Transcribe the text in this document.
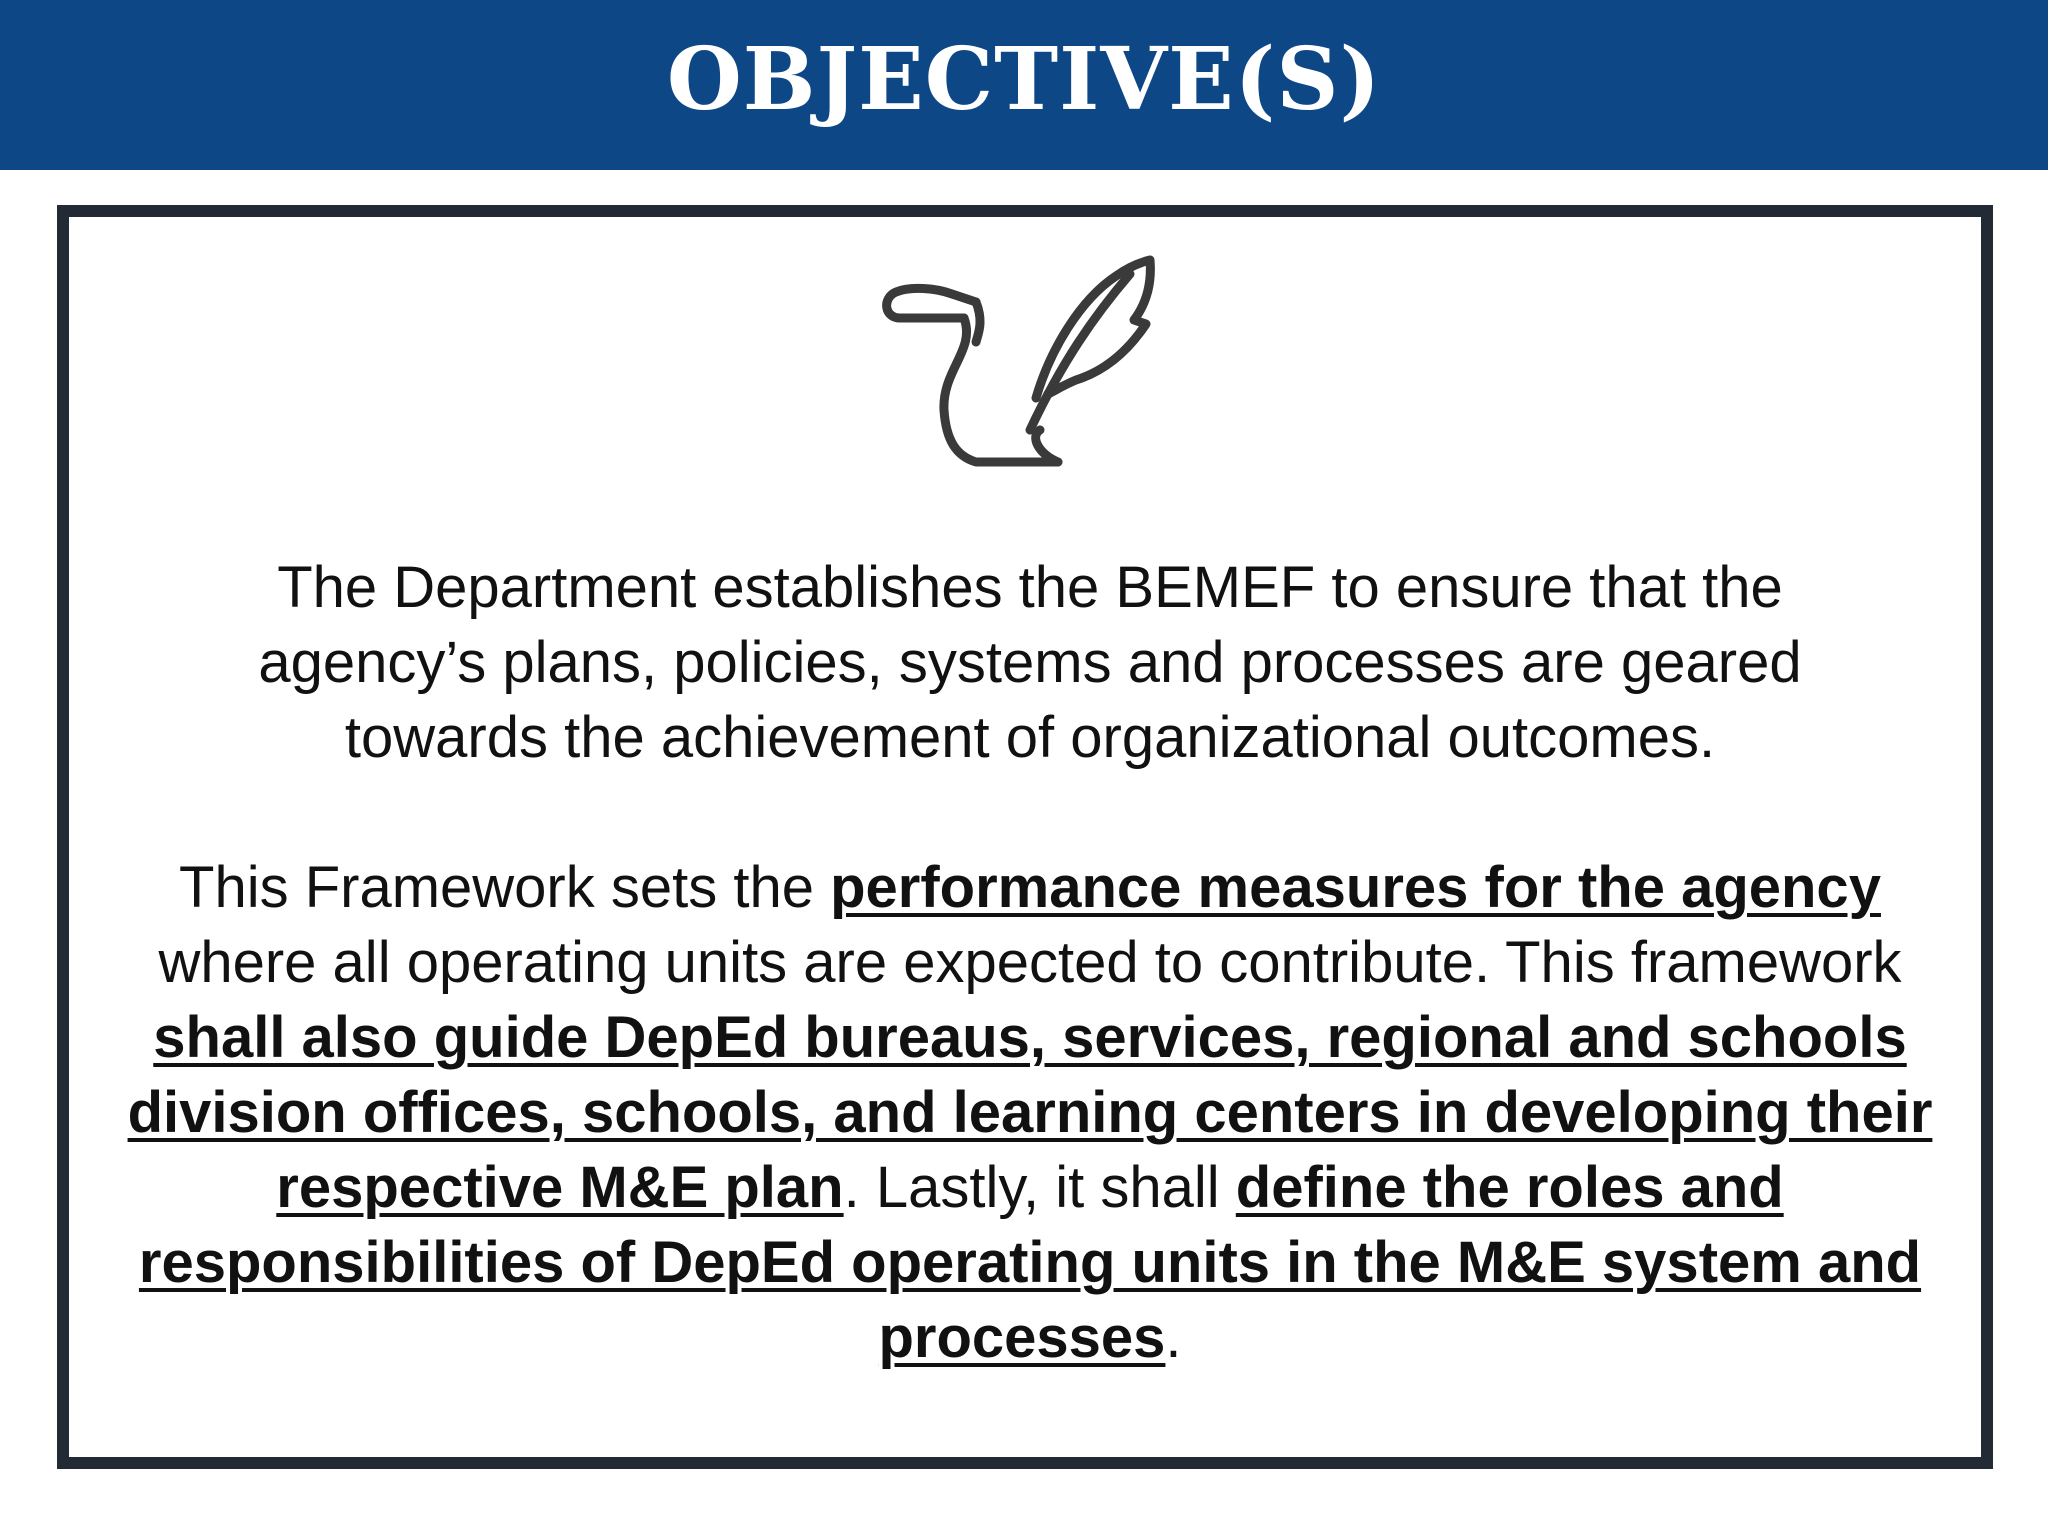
OBJECTIVE(S)

The Department establishes the BEMEF to ensure that the agency’s plans, policies, systems and processes are geared towards the achievement of organizational outcomes.

This Framework sets the performance measures for the agency where all operating units are expected to contribute. This framework shall also guide DepEd bureaus, services, regional and schools division offices, schools, and learning centers in developing their respective M&E plan. Lastly, it shall define the roles and responsibilities of DepEd operating units in the M&E system and processes.
